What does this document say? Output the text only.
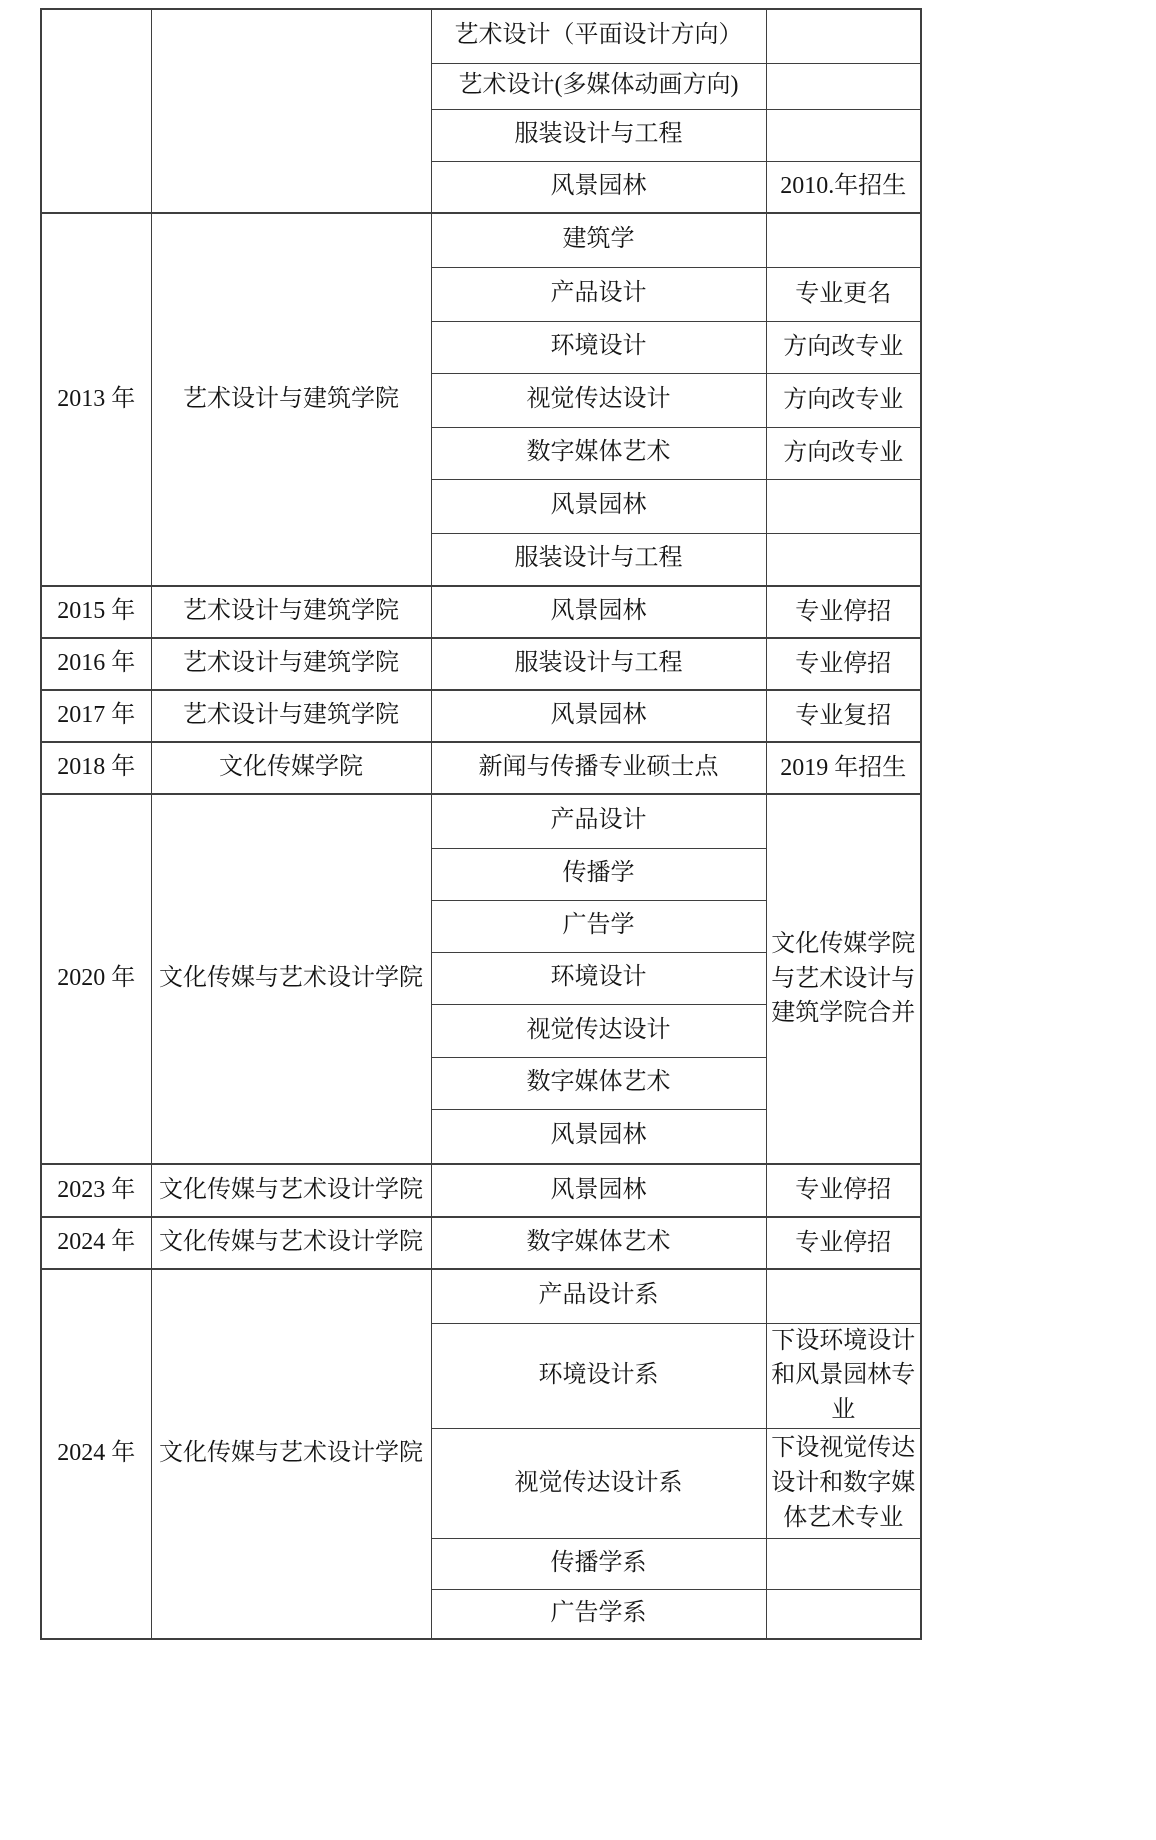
		艺术设计（平面设计方向）	
		艺术设计(多媒体动画方向)	
		服装设计与工程	
		风景园林	2010.年招生
2013 年	艺术设计与建筑学院	建筑学	
		产品设计	专业更名
		环境设计	方向改专业
		视觉传达设计	方向改专业
		数字媒体艺术	方向改专业
		风景园林	
		服装设计与工程	
2015 年	艺术设计与建筑学院	风景园林	专业停招
2016 年	艺术设计与建筑学院	服装设计与工程	专业停招
2017 年	艺术设计与建筑学院	风景园林	专业复招
2018 年	文化传媒学院	新闻与传播专业硕士点	2019 年招生
2020 年	文化传媒与艺术设计学院	产品设计	文化传媒学院与艺术设计与建筑学院合并
		传播学	
		广告学	
		环境设计	
		视觉传达设计	
		数字媒体艺术	
		风景园林	
2023 年	文化传媒与艺术设计学院	风景园林	专业停招
2024 年	文化传媒与艺术设计学院	数字媒体艺术	专业停招
2024 年	文化传媒与艺术设计学院	产品设计系	
		环境设计系	下设环境设计和风景园林专业
		视觉传达设计系	下设视觉传达设计和数字媒体艺术专业
		传播学系	
		广告学系	
